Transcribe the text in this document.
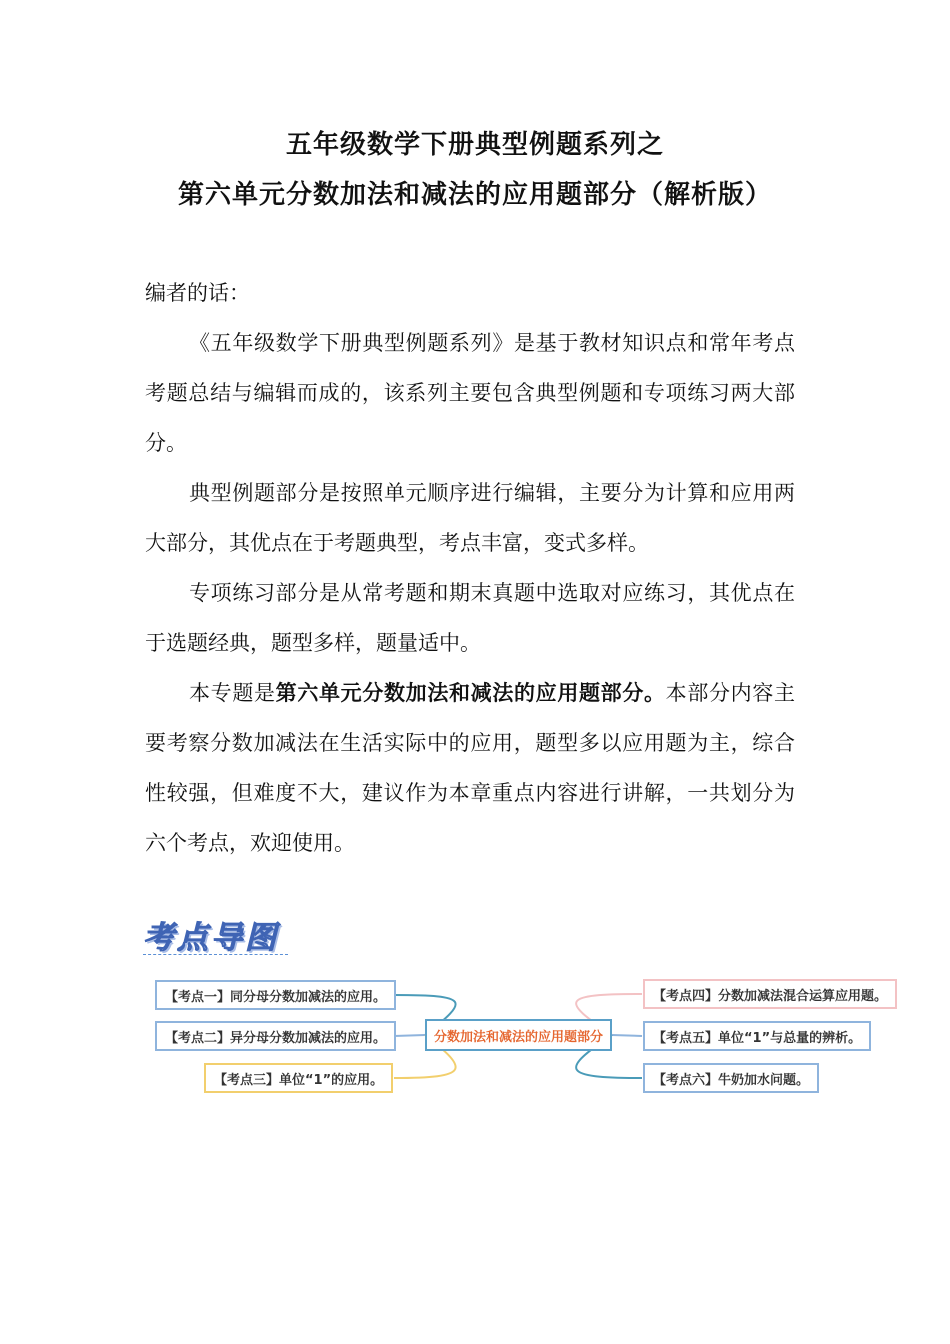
五年级数学下册典型例题系列之
第六单元分数加法和减法的应用题部分（解析版）

编者的话：

《五年级数学下册典型例题系列》是基于教材知识点和常年考点考题总结与编辑而成的，该系列主要包含典型例题和专项练习两大部分。

典型例题部分是按照单元顺序进行编辑，主要分为计算和应用两大部分，其优点在于考题典型，考点丰富，变式多样。

专项练习部分是从常考题和期末真题中选取对应练习，其优点在于选题经典，题型多样，题量适中。

本专题是第六单元分数加法和减法的应用题部分。本部分内容主要考察分数加减法在生活实际中的应用，题型多以应用题为主，综合性较强，但难度不大，建议作为本章重点内容进行讲解，一共划分为六个考点，欢迎使用。

考点导图
分数加法和减法的应用题部分
【考点一】同分母分数加减法的应用。
【考点二】异分母分数加减法的应用。
【考点三】单位“1”的应用。
【考点四】分数加减法混合运算应用题。
【考点五】单位“1”与总量的辨析。
【考点六】牛奶加水问题。
